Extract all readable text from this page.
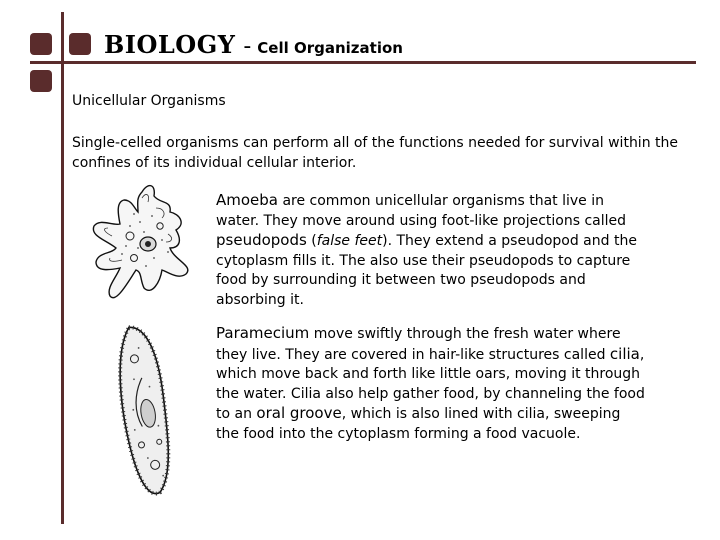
BIOLOGY - Cell Organization
Unicellular Organisms
Single-celled organisms can perform all of the functions needed for survival within the confines of its individual cellular interior.
Amoeba are common unicellular organisms that live in water. They move around using foot-like projections called pseudopods (false feet). They extend a pseudopod and the cytoplasm fills it. The also use their pseudopods to capture food by surrounding it between two pseudopods and absorbing it.
Paramecium move swiftly through the fresh water where they live. They are covered in hair-like structures called cilia, which move back and forth like little oars, moving it through the water. Cilia also help gather food, by channeling the food to an oral groove, which is also lined with cilia, sweeping the food into the cytoplasm forming a food vacuole.
